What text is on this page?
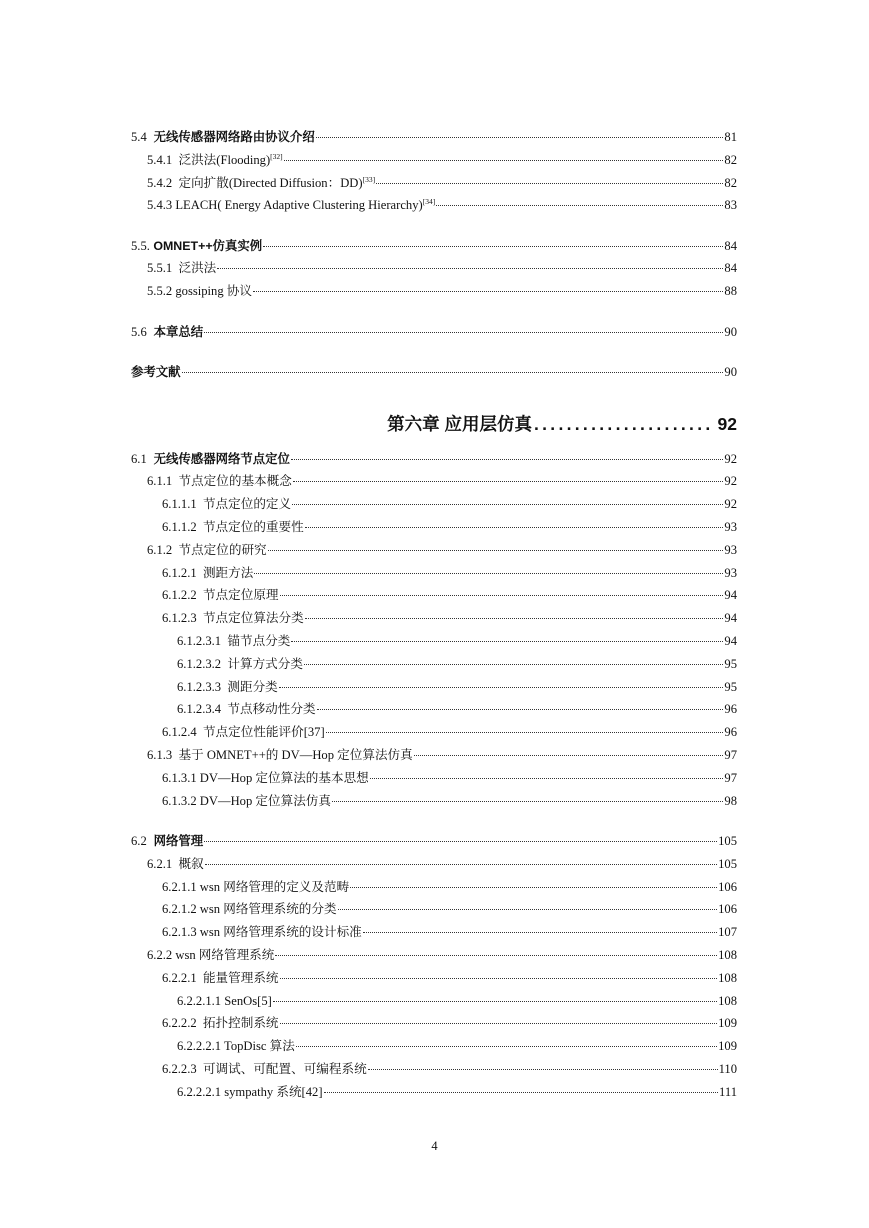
5.4 无线传感器网络路由协议介绍	81
5.4.1 泛洪法(Flooding)[32]	82
5.4.2 定向扩散(Directed Diffusion：DD)[33]	82
5.4.3 LEACH( Energy Adaptive Clustering Hierarchy)[34]	83
5.5. OMNET++仿真实例	84
5.5.1 泛洪法	84
5.5.2 gossiping 协议	88
5.6 本章总结	90
参考文献	90
第六章 应用层仿真 ...................... 92
6.1 无线传感器网络节点定位	92
6.1.1 节点定位的基本概念	92
6.1.1.1 节点定位的定义	92
6.1.1.2 节点定位的重要性	93
6.1.2 节点定位的研究	93
6.1.2.1 测距方法	93
6.1.2.2 节点定位原理	94
6.1.2.3 节点定位算法分类	94
6.1.2.3.1 锚节点分类	94
6.1.2.3.2 计算方式分类	95
6.1.2.3.3 测距分类	95
6.1.2.3.4 节点移动性分类	96
6.1.2.4 节点定位性能评价[37]	96
6.1.3 基于 OMNET++的 DV—Hop 定位算法仿真	97
6.1.3.1 DV—Hop 定位算法的基本思想	97
6.1.3.2 DV—Hop 定位算法仿真	98
6.2 网络管理	105
6.2.1 概叙	105
6.2.1.1 wsn 网络管理的定义及范畴	106
6.2.1.2 wsn 网络管理系统的分类	106
6.2.1.3 wsn 网络管理系统的设计标准	107
6.2.2 wsn 网络管理系统	108
6.2.2.1 能量管理系统	108
6.2.2.1.1 SenOs[5]	108
6.2.2.2 拓扑控制系统	109
6.2.2.2.1 TopDisc 算法	109
6.2.2.3 可调试、可配置、可编程系统	110
6.2.2.2.1 sympathy 系统[42]	111
4
